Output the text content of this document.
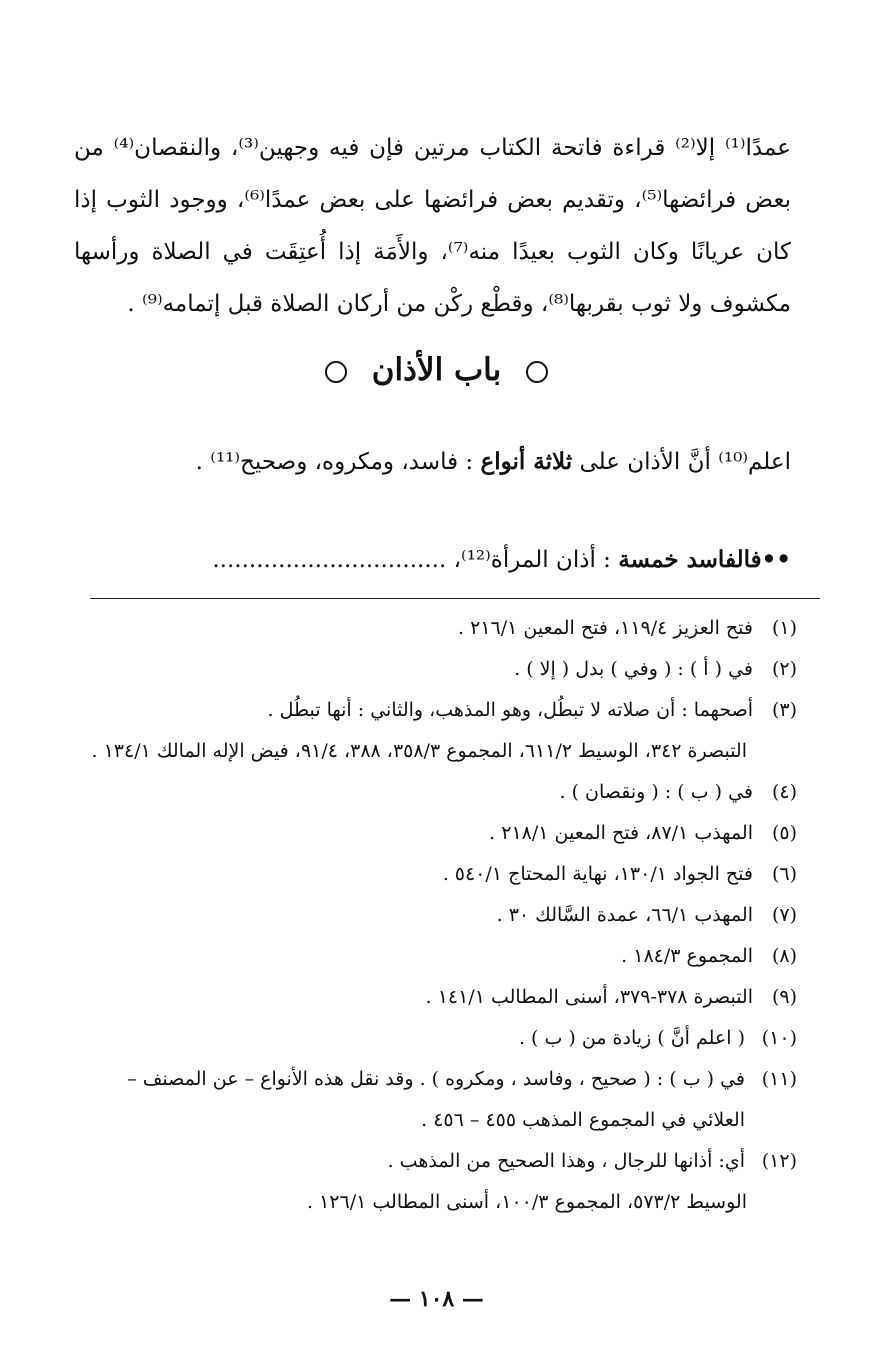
عمدًا⁽¹⁾ إلا⁽²⁾ قراءة فاتحة الكتاب مرتين فإن فيه وجهين⁽³⁾، والنقصان⁽⁴⁾ من بعض فرائضها⁽⁵⁾، وتقديم بعض فرائضها على بعض عمدًا⁽⁶⁾، ووجود الثوب إذا كان عريانًا وكان الثوب بعيدًا منه⁽⁷⁾، والأَمَة إذا أُعتِقَت في الصلاة ورأسها مكشوف ولا ثوب بقربها⁽⁸⁾، وقطْع ركْن من أركان الصلاة قبل إتمامه⁽⁹⁾ .

باب الأذان

اعلم⁽¹⁰⁾ أنَّ الأذان على ثلاثة أنواع : فاسد، ومكروه، وصحيح⁽¹¹⁾ .

••فالفاسد خمسة : أذان المرأة⁽¹²⁾، ................................
(١)
فتح العزيز ١١٩/٤، فتح المعين ٢١٦/١ .
(٢)
في ( أ ) : ( وفي ) بدل ( إلا ) .
(٣)
أصحهما : أن صلاته لا تبطُل، وهو المذهب، والثاني : أنها تبطُل .
التبصرة ٣٤٢، الوسيط ٦١١/٢، المجموع ٣٥٨/٣، ٣٨٨، ٩١/٤، فيض الإله المالك ١٣٤/١ .
(٤)
في ( ب ) : ( ونقصان ) .
(٥)
المهذب ٨٧/١، فتح المعين ٢١٨/١ .
(٦)
فتح الجواد ١٣٠/١، نهاية المحتاج ٥٤٠/١ .
(٧)
المهذب ٦٦/١، عمدة السَّالك ٣٠ .
(٨)
المجموع ١٨٤/٣ .
(٩)
التبصرة ٣٧٨-٣٧٩، أسنى المطالب ١٤١/١ .
(١٠)
( اعلم أنَّ ) زيادة من ( ب ) .
(١١)
في ( ب ) : ( صحيح ، وفاسد ، ومكروه ) . وقد نقل هذه الأنواع – عن المصنف – العلائي في المجموع المذهب ٤٥٥ – ٤٥٦ .
(١٢)
أي: أذانها للرجال ، وهذا الصحيح من المذهب .
الوسيط ٥٧٣/٢، المجموع ١٠٠/٣، أسنى المطالب ١٢٦/١ .
— ١٠٨ —
